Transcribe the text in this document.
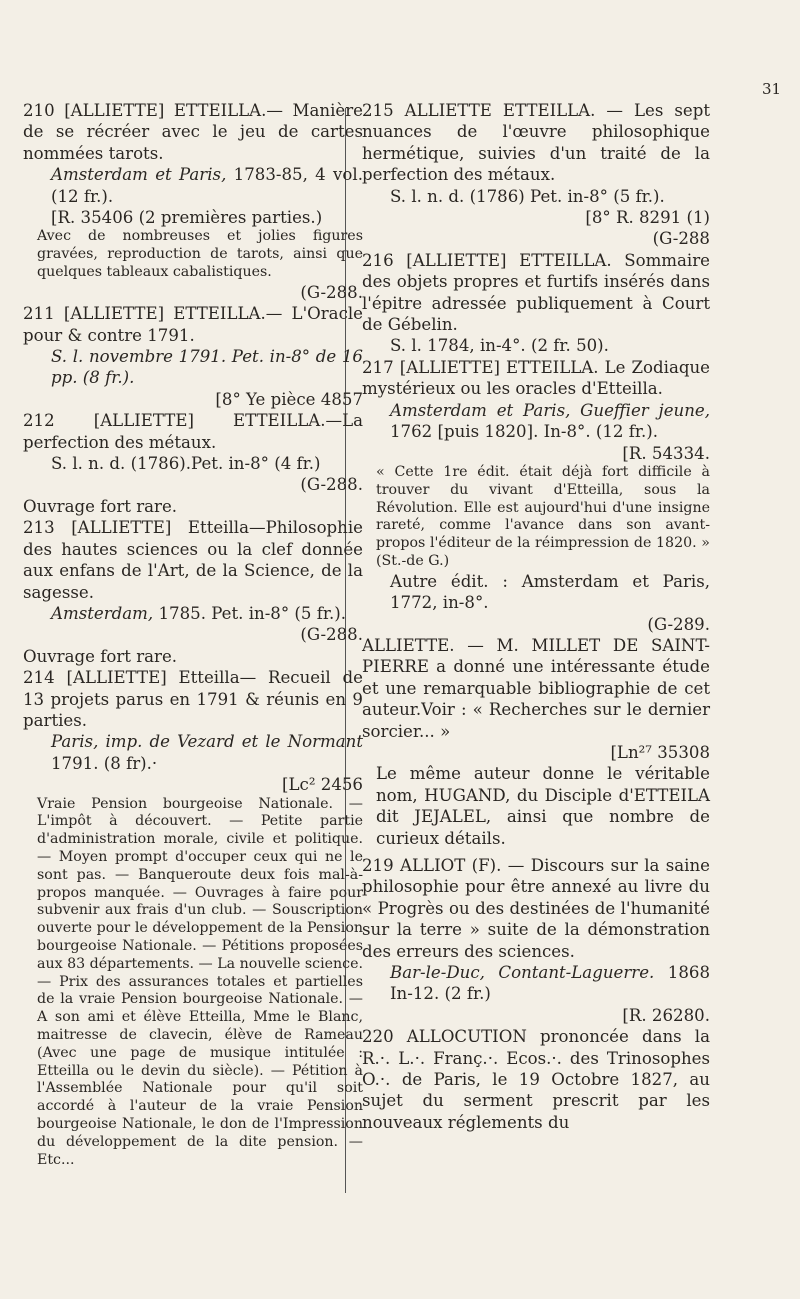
31

210 [ALLIETTE] ETTEILLA.— Manière de se récréer avec le jeu de cartes nommées tarots.

Amsterdam et Paris, 1783-85, 4 vol. (12 fr.).

[R. 35406 (2 premières parties.)

Avec de nombreuses et jolies figures gravées, reproduction de tarots, ainsi que quelques tableaux cabalistiques.

(G-288.

211 [ALLIETTE] ETTEILLA.— L'Oracle pour & contre 1791.

S. l. novembre 1791. Pet. in-8° de 16 pp. (8 fr.).

[8° Ye pièce 4857

212 [ALLIETTE] ETTEILLA.—La perfection des métaux.

S. l. n. d. (1786).Pet. in-8° (4 fr.)

(G-288.

Ouvrage fort rare.

213 [ALLIETTE] Etteilla—Philosophie des hautes sciences ou la clef donnée aux enfans de l'Art, de la Science, de la sagesse.

Amsterdam, 1785. Pet. in-8° (5 fr.).

(G-288.

Ouvrage fort rare.

214 [ALLIETTE] Etteilla— Recueil de 13 projets parus en 1791 & réunis en 9 parties.

Paris, imp. de Vezard et le Normant 1791. (8 fr).·

[Lc² 2456

Vraie Pension bourgeoise Nationale. — L'impôt à découvert. — Petite partie d'administration morale, civile et politique. — Moyen prompt d'occuper ceux qui ne le sont pas. — Banqueroute deux fois mal-à-propos manquée. — Ouvrages à faire pour subvenir aux frais d'un club. — Souscription ouverte pour le développement de la Pension bourgeoise Nationale. — Pétitions proposées aux 83 départements. — La nouvelle science. — Prix des assurances totales et partielles de la vraie Pension bourgeoise Nationale. — A son ami et élève Etteilla, Mme le Blanc, maitresse de clavecin, élève de Rameau (Avec une page de musique intitulée : Etteilla ou le devin du siècle). — Pétition à l'Assemblée Nationale pour qu'il soit accordé à l'auteur de la vraie Pension bourgeoise Nationale, le don de l'Impression du développement de la dite pension. — Etc...

215 ALLIETTE ETTEILLA. — Les sept nuances de l'œuvre philosophique hermétique, suivies d'un traité de la perfection des métaux.

S. l. n. d. (1786) Pet. in-8° (5 fr.).

[8° R. 8291 (1)

(G-288

216 [ALLIETTE] ETTEILLA. Sommaire des objets propres et furtifs insérés dans l'épitre adressée publiquement à Court de Gébelin.

S. l. 1784, in-4°. (2 fr. 50).

217 [ALLIETTE] ETTEILLA. Le Zodiaque mystérieux ou les oracles d'Etteilla.

Amsterdam et Paris, Gueffier jeune, 1762 [puis 1820]. In-8°. (12 fr.).

[R. 54334.

« Cette 1re édit. était déjà fort difficile à trouver du vivant d'Etteilla, sous la Révolution. Elle est aujourd'hui d'une insigne rareté, comme l'avance dans son avant-propos l'éditeur de la réimpression de 1820. » (St.-de G.)

Autre édit. : Amsterdam et Paris, 1772, in-8°.

(G-289.

ALLIETTE. — M. MILLET DE SAINT-PIERRE a donné une intéressante étude et une remarquable bibliographie de cet auteur.Voir : « Recherches sur le dernier sorcier... »

[Ln²⁷ 35308

Le même auteur donne le véritable nom, HUGAND, du Disciple d'ETTEILA dit JEJALEL, ainsi que nombre de curieux détails.

219 ALLIOT (F). — Discours sur la saine philosophie pour être annexé au livre du « Progrès ou des destinées de l'humanité sur la terre » suite de la démonstration des erreurs des sciences.

Bar-le-Duc, Contant-Laguerre. 1868 In-12. (2 fr.)

[R. 26280.

220 ALLOCUTION prononcée dans la R.·. L.·. Franç.·. Ecos.·. des Trinosophes O.·. de Paris, le 19 Octobre 1827, au sujet du serment prescrit par les nouveaux réglements du
